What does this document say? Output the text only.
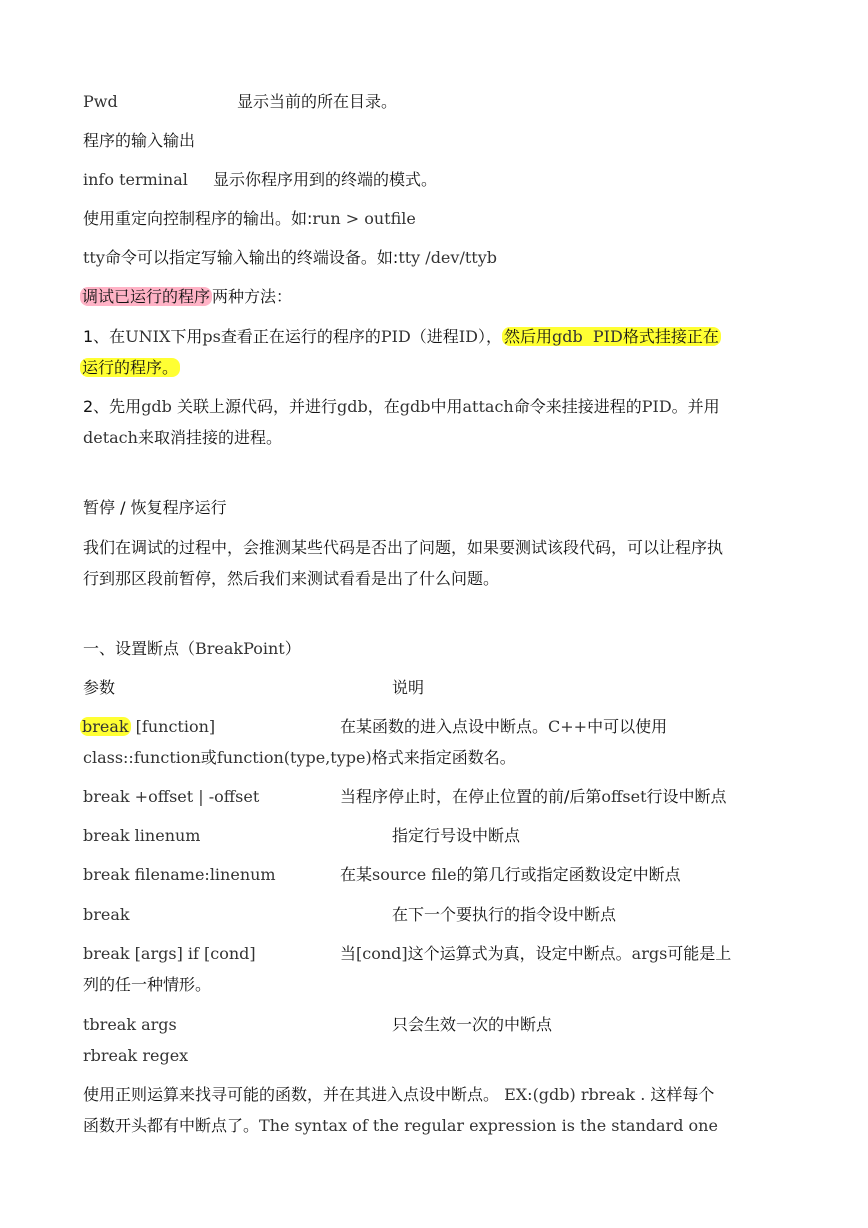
Pwd	显示当前的所在目录。
程序的输入输出
info terminal 显示你程序用到的终端的模式。
使用重定向控制程序的输出。如:run > outfile
tty命令可以指定写输入输出的终端设备。如:tty /dev/ttyb
调试已运行的程序 两种方法：
1、在UNIX下用ps查看正在运行的程序的PID（进程ID）， 然后用gdb PID格式挂接正在
运行的程序。
2、先用gdb 关联上源代码，并进行gdb，在gdb中用attach命令来挂接进程的PID。并用
detach来取消挂接的进程。
暂停 / 恢复程序运行
我们在调试的过程中，会推测某些代码是否出了问题，如果要测试该段代码，可以让程序执
行到那区段前暂停，然后我们来测试看看是出了什么问题。
一、设置断点（BreakPoint）
参数	说明
break [function]	在某函数的进入点设中断点。C++中可以使用
class::function或function(type,type)格式来指定函数名。
break +offset | -offset	当程序停止时，在停止位置的前/后第offset行设中断点
break linenum	指定行号设中断点
break filename:linenum	在某source file的第几行或指定函数设定中断点
break	在下一个要执行的指令设中断点
break [args] if [cond]	当[cond]这个运算式为真，设定中断点。args可能是上
列的任一种情形。
tbreak args	只会生效一次的中断点
rbreak regex
使用正则运算来找寻可能的函数，并在其进入点设中断点。 EX:(gdb) rbreak . 这样每个
函数开头都有中断点了。The syntax of the regular expression is the standard one
